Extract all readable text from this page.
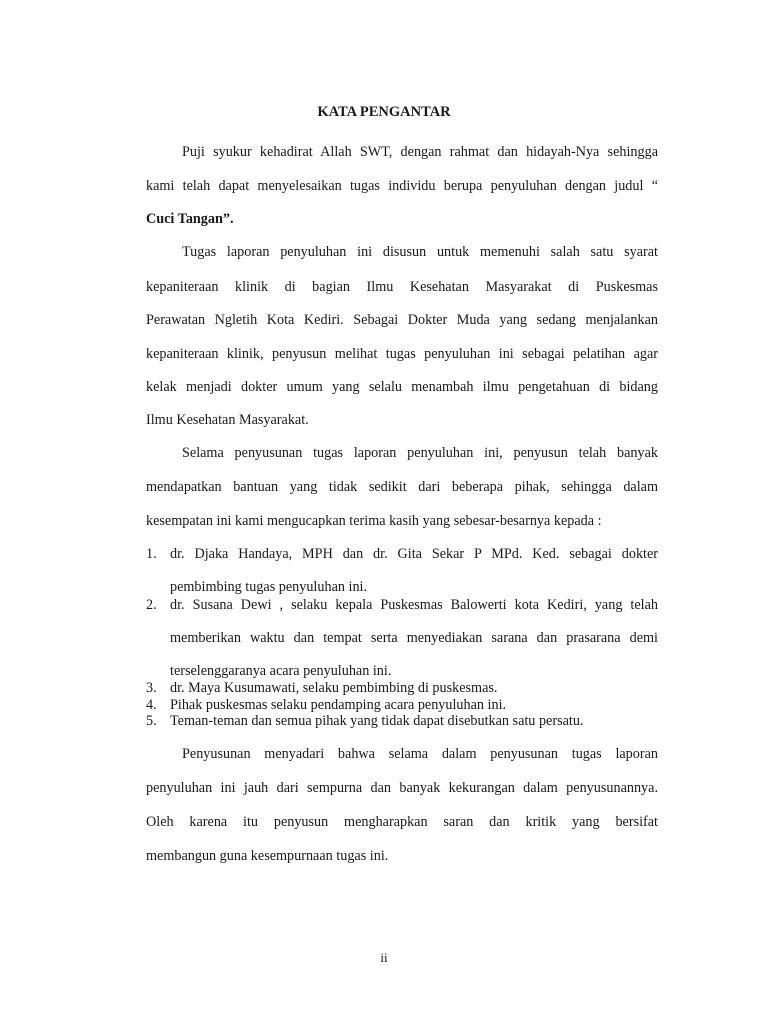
KATA PENGANTAR
Puji syukur kehadirat Allah SWT, dengan rahmat dan hidayah-Nya sehingga
kami telah dapat menyelesaikan tugas individu berupa penyuluhan dengan judul “
Cuci Tangan”.
Tugas laporan penyuluhan ini disusun untuk memenuhi salah satu syarat
kepaniteraan klinik di bagian Ilmu Kesehatan Masyarakat di Puskesmas
Perawatan Ngletih Kota Kediri. Sebagai Dokter Muda yang sedang menjalankan
kepaniteraan klinik, penyusun melihat tugas penyuluhan ini sebagai pelatihan agar
kelak menjadi dokter umum yang selalu menambah ilmu pengetahuan di bidang
Ilmu Kesehatan Masyarakat.
Selama penyusunan tugas laporan penyuluhan ini, penyusun telah banyak
mendapatkan bantuan yang tidak sedikit dari beberapa pihak, sehingga dalam
kesempatan ini kami mengucapkan terima kasih yang sebesar-besarnya kepada :
1. dr. Djaka Handaya, MPH dan dr. Gita Sekar P MPd. Ked. sebagai dokter
pembimbing tugas penyuluhan ini.
2. dr. Susana Dewi , selaku kepala Puskesmas Balowerti kota Kediri, yang telah
memberikan waktu dan tempat serta menyediakan sarana dan prasarana demi
terselenggaranya acara penyuluhan ini.
3. dr. Maya Kusumawati, selaku pembimbing di puskesmas.
4. Pihak puskesmas selaku pendamping acara penyuluhan ini.
5. Teman-teman dan semua pihak yang tidak dapat disebutkan satu persatu.
Penyusunan menyadari bahwa selama dalam penyusunan tugas laporan
penyuluhan ini jauh dari sempurna dan banyak kekurangan dalam penyusunannya.
Oleh karena itu penyusun mengharapkan saran dan kritik yang bersifat
membangun guna kesempurnaan tugas ini.
ii
